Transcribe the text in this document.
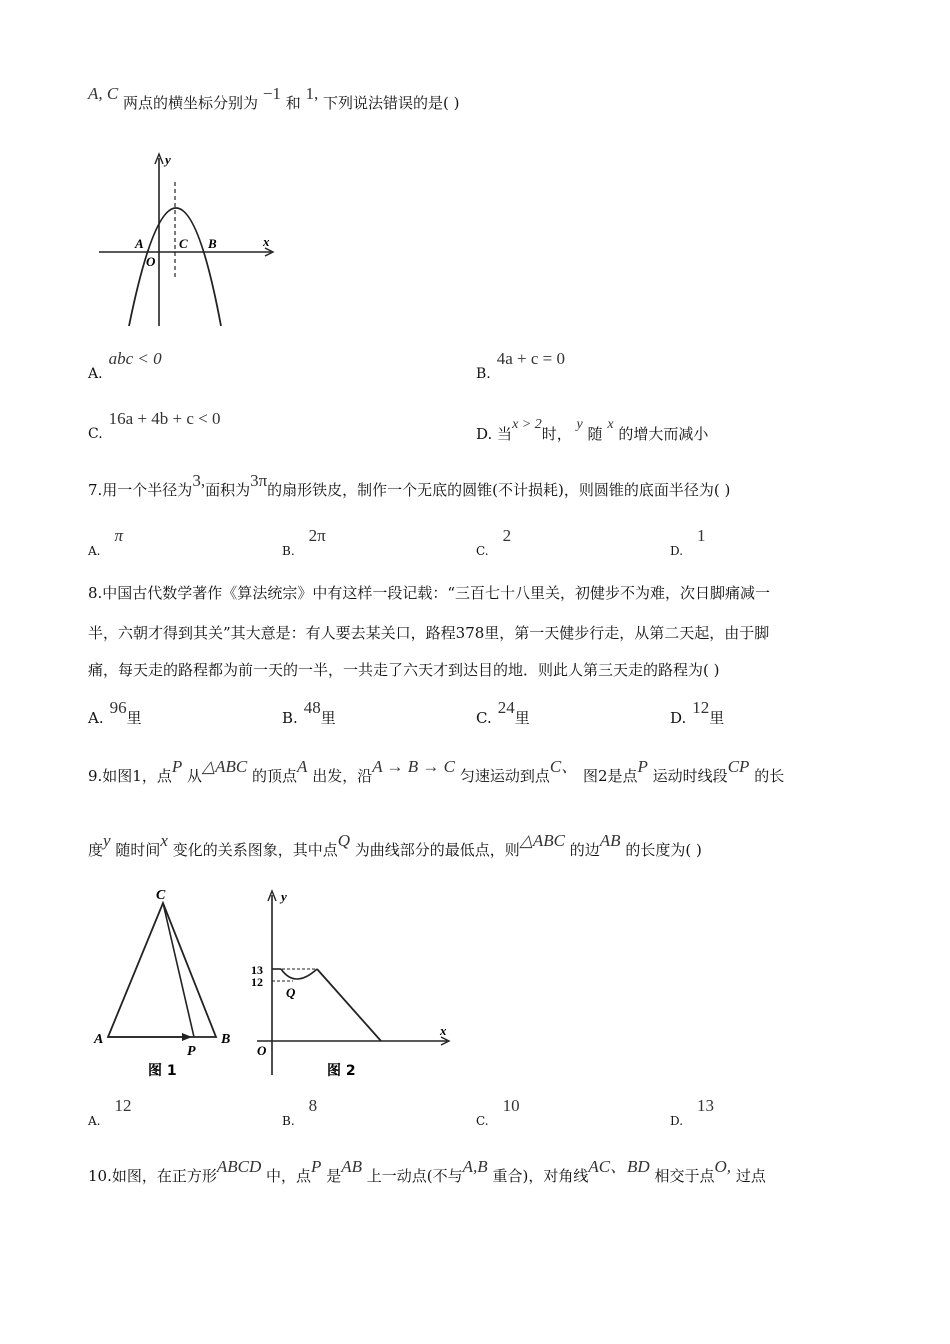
A, C 两点的横坐标分别为 −1 和 1, 下列说法错误的是( )
y
x
O
A	C B
A.abc < 0
B.4a + c = 0
C.16a + 4b + c < 0
D. 当x > 2时， y 随 x 的增大而减小
7.用一个半径为3,面积为3π的扇形铁皮，制作一个无底的圆锥(不计损耗)，则圆锥的底面半径为( )
A.π
B.2π
C.2
D.1
8.中国古代数学著作《算法统宗》中有这样一段记载：“三百七十八里关，初健步不为难，次日脚痛减一
半，六朝才得到其关”其大意是：有人要去某关口，路程378里，第一天健步行走，从第二天起，由于脚
痛，每天走的路程都为前一天的一半，一共走了六天才到达目的地．则此人第三天走的路程为( )
A.96里	B.48里	C.24里	D.12里
9.如图1，点P 从△ABC 的顶点A 出发，沿A → B → C 匀速运动到点C、 图2是点P 运动时线段CP 的长
度y 随时间x 变化的关系图象，其中点Q 为曲线部分的最低点，则△ABC 的边AB 的长度为( )
C
A	B
P
图 1
y
x
O
13
12
Q
图 2
A.12
B.8
C.10
D.13
10.如图，在正方形ABCD 中，点P 是AB 上一动点(不与A,B 重合)，对角线AC、BD 相交于点O, 过点
